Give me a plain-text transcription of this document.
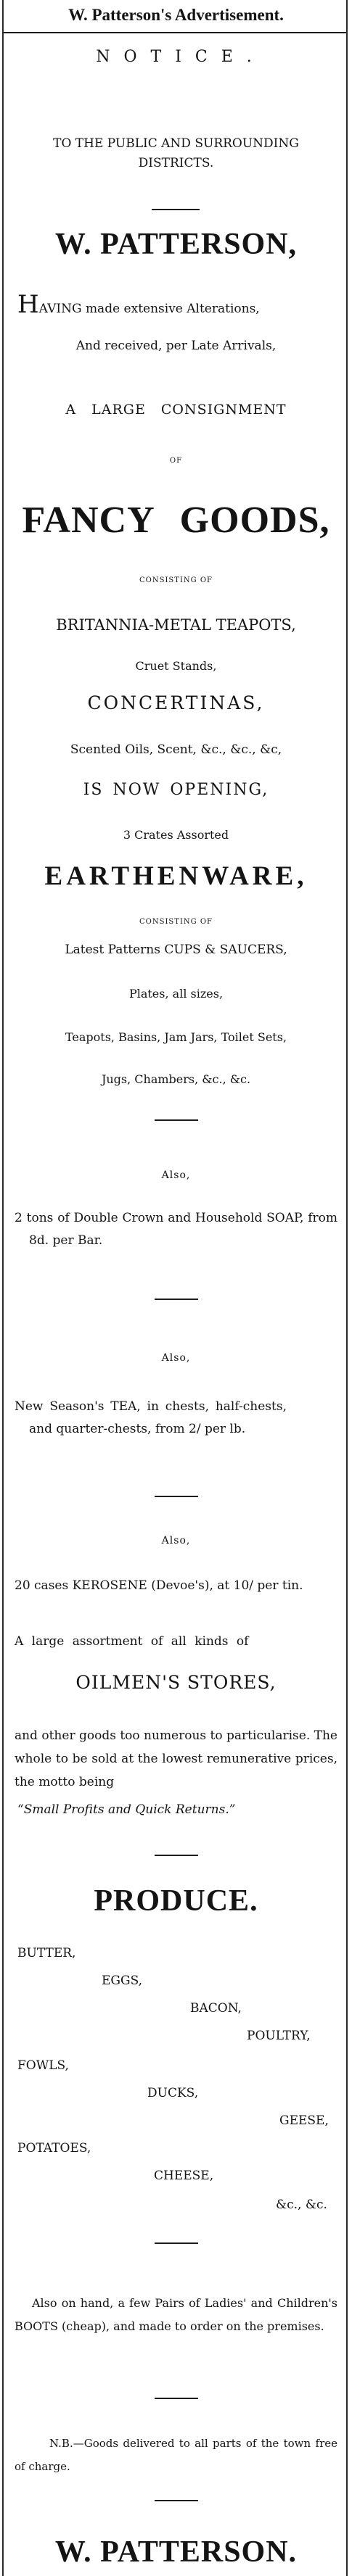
W. Patterson's Advertisement.
N O T I C E .
TO THE PUBLIC AND SURROUNDING DISTRICTS.
W. PATTERSON,
HAVING made extensive Alterations,
And received, per Late Arrivals,
A LARGE CONSIGNMENT
OF
FANCY GOODS,
CONSISTING OF
BRITANNIA-METAL TEAPOTS,
Cruet Stands,
CONCERTINAS,
Scented Oils, Scent, &c., &c., &c,
IS NOW OPENING,
3 Crates Assorted
EARTHENWARE,
CONSISTING OF
Latest Patterns CUPS & SAUCERS,
Plates, all sizes,
Teapots, Basins, Jam Jars, Toilet Sets,
Jugs, Chambers, &c., &c.
Also,
2 tons of Double Crown and Household SOAP, from 8d. per Bar.
Also,
New Season's TEA, in chests, half-chests, and quarter-chests, from 2/ per lb.
Also,
20 cases KEROSENE (Devoe's), at 10/ per tin.
A large assortment of all kinds of
OILMEN'S STORES,
and other goods too numerous to particularise. The whole to be sold at the lowest remunerative prices, the motto being
“Small Profits and Quick Returns.”
PRODUCE.
BUTTER,
EGGS,
BACON,
POULTRY,
FOWLS,
DUCKS,
GEESE,
POTATOES,
CHEESE,
&c., &c.
Also on hand, a few Pairs of Ladies' and Children's BOOTS (cheap), and made to order on the premises.
N.B.—Goods delivered to all parts of the town free of charge.
W. PATTERSON.
